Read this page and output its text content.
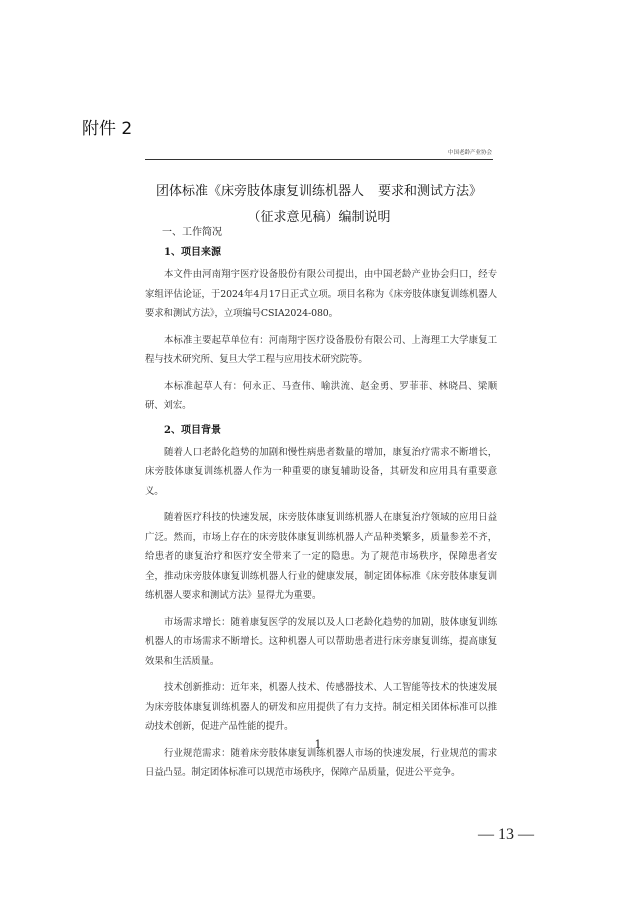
附件 2
中国老龄产业协会
团体标准《床旁肢体康复训练机器人 要求和测试方法》
（征求意见稿）编制说明
一、工作简况
1、项目来源

本文件由河南翔宇医疗设备股份有限公司提出，由中国老龄产业协会归口，经专家组评估论证，于2024年4月17日正式立项。项目名称为《床旁肢体康复训练机器人要求和测试方法》，立项编号CSIA2024-080。

本标准主要起草单位有：河南翔宇医疗设备股份有限公司、上海理工大学康复工程与技术研究所、复旦大学工程与应用技术研究院等。

本标准起草人有：何永正、马查伟、喻洪流、赵金勇、罗菲菲、林晓昌、梁顺研、刘宏。

2、项目背景

随着人口老龄化趋势的加剧和慢性病患者数量的增加，康复治疗需求不断增长，床旁肢体康复训练机器人作为一种重要的康复辅助设备，其研发和应用具有重要意义。

随着医疗科技的快速发展，床旁肢体康复训练机器人在康复治疗领域的应用日益广泛。然而，市场上存在的床旁肢体康复训练机器人产品种类繁多，质量参差不齐，给患者的康复治疗和医疗安全带来了一定的隐患。为了规范市场秩序，保障患者安全，推动床旁肢体康复训练机器人行业的健康发展，制定团体标准《床旁肢体康复训练机器人要求和测试方法》显得尤为重要。

市场需求增长：随着康复医学的发展以及人口老龄化趋势的加剧，肢体康复训练机器人的市场需求不断增长。这种机器人可以帮助患者进行床旁康复训练，提高康复效果和生活质量。

技术创新推动：近年来，机器人技术、传感器技术、人工智能等技术的快速发展为床旁肢体康复训练机器人的研发和应用提供了有力支持。制定相关团体标准可以推动技术创新，促进产品性能的提升。

行业规范需求：随着床旁肢体康复训练机器人市场的快速发展，行业规范的需求日益凸显。制定团体标准可以规范市场秩序，保障产品质量，促进公平竞争。

1
— 13 —
